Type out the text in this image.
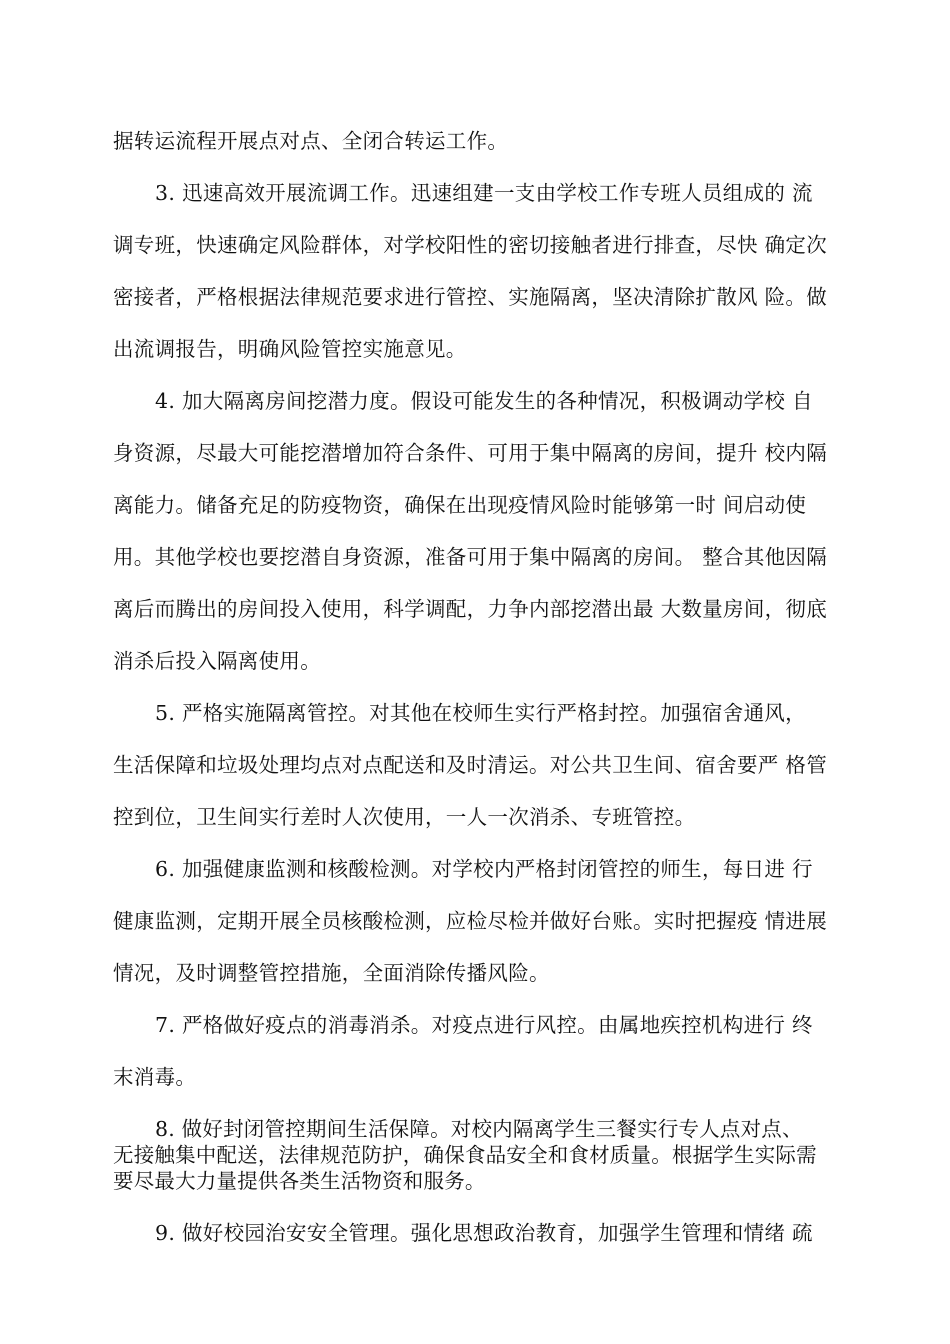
据转运流程开展点对点、全闭合转运工作。
3. 迅速高效开展流调工作。迅速组建一支由学校工作专班人员组成的 流
调专班，快速确定风险群体，对学校阳性的密切接触者进行排查，尽快 确定次
密接者，严格根据法律规范要求进行管控、实施隔离，坚决清除扩散风 险。做
出流调报告，明确风险管控实施意见。
4. 加大隔离房间挖潜力度。假设可能发生的各种情况，积极调动学校 自
身资源，尽最大可能挖潜增加符合条件、可用于集中隔离的房间，提升 校内隔
离能力。储备充足的防疫物资，确保在出现疫情风险时能够第一时 间启动使
用。其他学校也要挖潜自身资源，准备可用于集中隔离的房间。 整合其他因隔
离后而腾出的房间投入使用，科学调配，力争内部挖潜出最 大数量房间，彻底
消杀后投入隔离使用。
5. 严格实施隔离管控。对其他在校师生实行严格封控。加强宿舍通风，
生活保障和垃圾处理均点对点配送和及时清运。对公共卫生间、宿舍要严 格管
控到位，卫生间实行差时人次使用，一人一次消杀、专班管控。
6. 加强健康监测和核酸检测。对学校内严格封闭管控的师生，每日进 行
健康监测，定期开展全员核酸检测，应检尽检并做好台账。实时把握疫 情进展
情况，及时调整管控措施，全面消除传播风险。
7. 严格做好疫点的消毒消杀。对疫点进行风控。由属地疾控机构进行 终
末消毒。
8. 做好封闭管控期间生活保障。对校内隔离学生三餐实行专人点对点、
无接触集中配送，法律规范防护，确保食品安全和食材质量。根据学生实际需
要尽最大力量提供各类生活物资和服务。
9. 做好校园治安安全管理。强化思想政治教育，加强学生管理和情绪 疏
